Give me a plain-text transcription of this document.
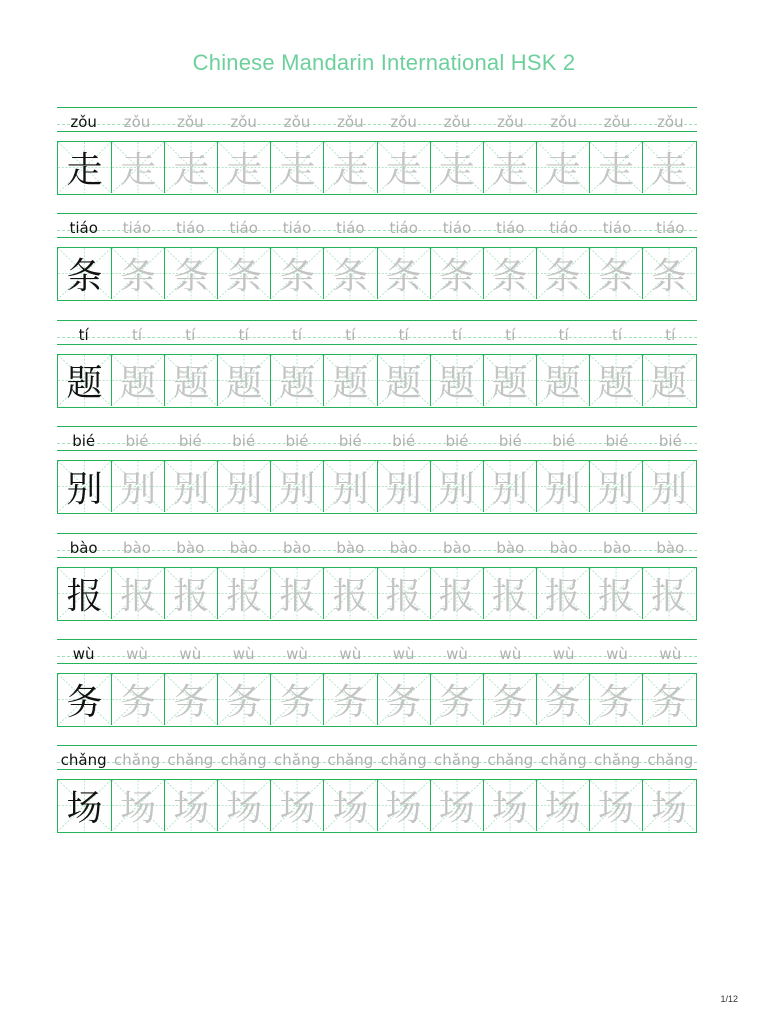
Chinese Mandarin International HSK 2
zǒu	zǒu	zǒu	zǒu	zǒu	zǒu	zǒu	zǒu	zǒu	zǒu	zǒu	zǒu
走 走 走 走 走 走 走 走 走 走 走 走
tiáo	tiáo	tiáo	tiáo	tiáo	tiáo	tiáo	tiáo	tiáo	tiáo	tiáo	tiáo
条 条 条 条 条 条 条 条 条 条 条 条
tí	tí	tí	tí	tí	tí	tí	tí	tí	tí	tí	tí
题 题 题 题 题 题 题 题 题 题 题 题
bié	bié	bié	bié	bié	bié	bié	bié	bié	bié	bié	bié
别 别 别 别 别 别 别 别 别 别 别 别
bào	bào	bào	bào	bào	bào	bào	bào	bào	bào	bào	bào
报 报 报 报 报 报 报 报 报 报 报 报
wù	wù	wù	wù	wù	wù	wù	wù	wù	wù	wù	wù
务 务 务 务 务 务 务 务 务 务 务 务
chǎng chǎng chǎng chǎng chǎng chǎng chǎng chǎng chǎng chǎng chǎng chǎng
场 场 场 场 场 场 场 场 场 场 场 场
1/12
